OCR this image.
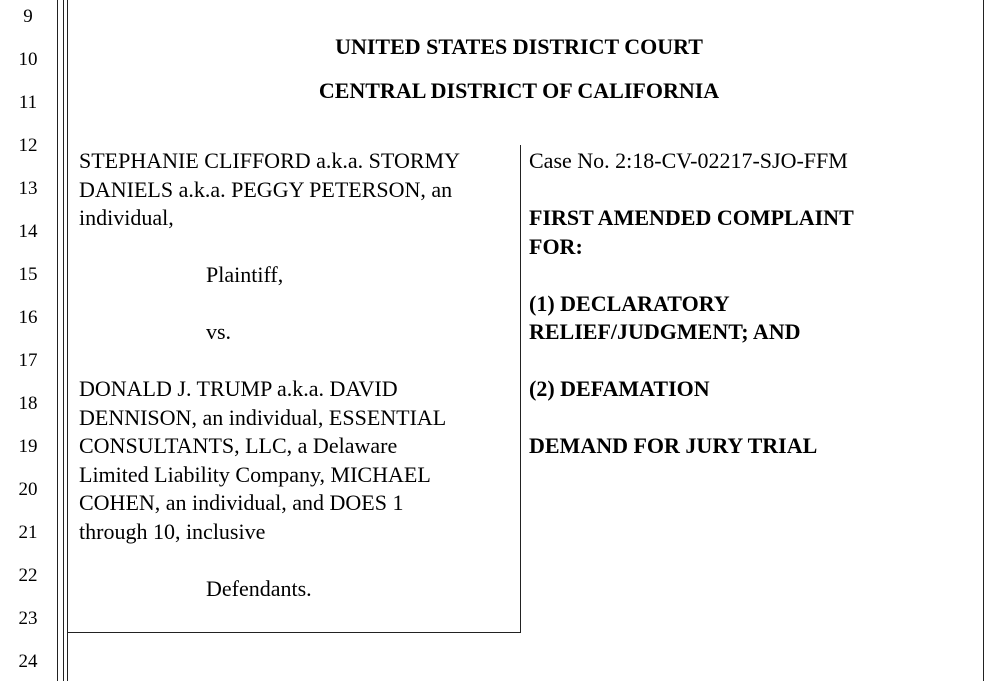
9
10
11
12
13
14
15
16
17
18
19
20
21
22
23
24
UNITED STATES DISTRICT COURT
CENTRAL DISTRICT OF CALIFORNIA

STEPHANIE CLIFFORD a.k.a. STORMY

DANIELS a.k.a. PEGGY PETERSON, an

individual,

Plaintiff,

vs.

DONALD J. TRUMP a.k.a. DAVID

DENNISON, an individual, ESSENTIAL

CONSULTANTS, LLC, a Delaware

Limited Liability Company, MICHAEL

COHEN, an individual, and DOES 1

through 10, inclusive

Defendants.

Case No. 2:18-CV-02217-SJO-FFM

FIRST AMENDED COMPLAINT

FOR:

(1) DECLARATORY

RELIEF/JUDGMENT; AND

(2) DEFAMATION

DEMAND FOR JURY TRIAL
